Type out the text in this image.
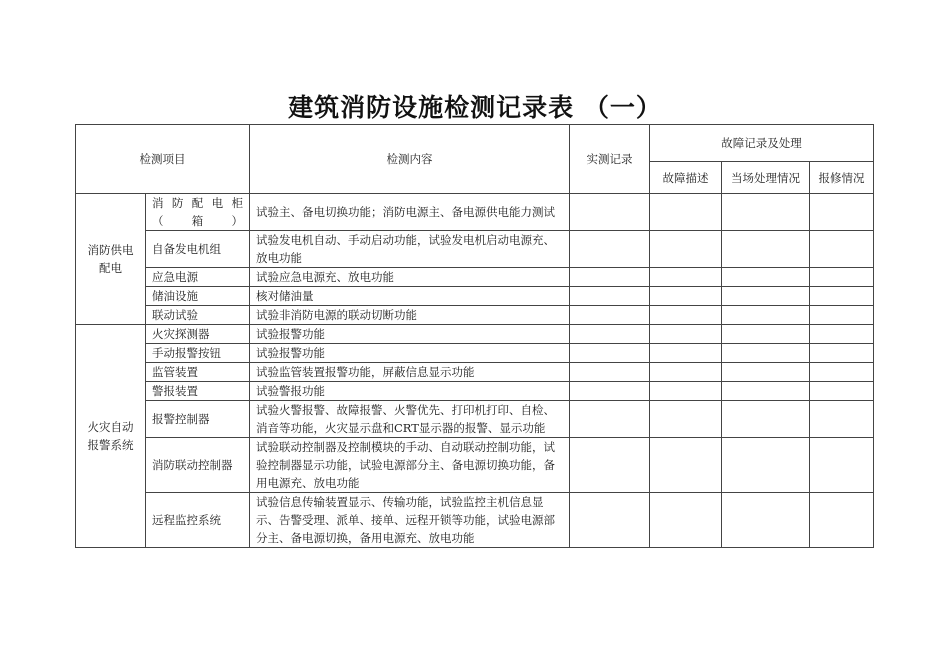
建筑消防设施检测记录表 （一）
检测项目		检测内容	实测记录	故障记录及处理		
				故障描述	当场处理情况	报修情况
消防供电配电	消 防 配 电 柜（箱）	试验主、备电切换功能；消防电源主、备电源供电能力测试				
	自备发电机组	试验发电机自动、手动启动功能，试验发电机启动电源充、放电功能				
	应急电源	试验应急电源充、放电功能				
	储油设施	核对储油量				
	联动试验	试验非消防电源的联动切断功能				
火灾自动报警系统	火灾探测器	试验报警功能				
	手动报警按钮	试验报警功能				
	监管装置	试验监管装置报警功能，屏蔽信息显示功能				
	警报装置	试验警报功能				
	报警控制器	试验火警报警、故障报警、火警优先、打印机打印、自检、消音等功能，火灾显示盘和CRT显示器的报警、显示功能				
	消防联动控制器	试验联动控制器及控制模块的手动、自动联动控制功能，试验控制器显示功能，试验电源部分主、备电源切换功能，备用电源充、放电功能				
	远程监控系统	试验信息传输装置显示、传输功能，试验监控主机信息显示、告警受理、派单、接单、远程开锁等功能，试验电源部分主、备电源切换，备用电源充、放电功能				
